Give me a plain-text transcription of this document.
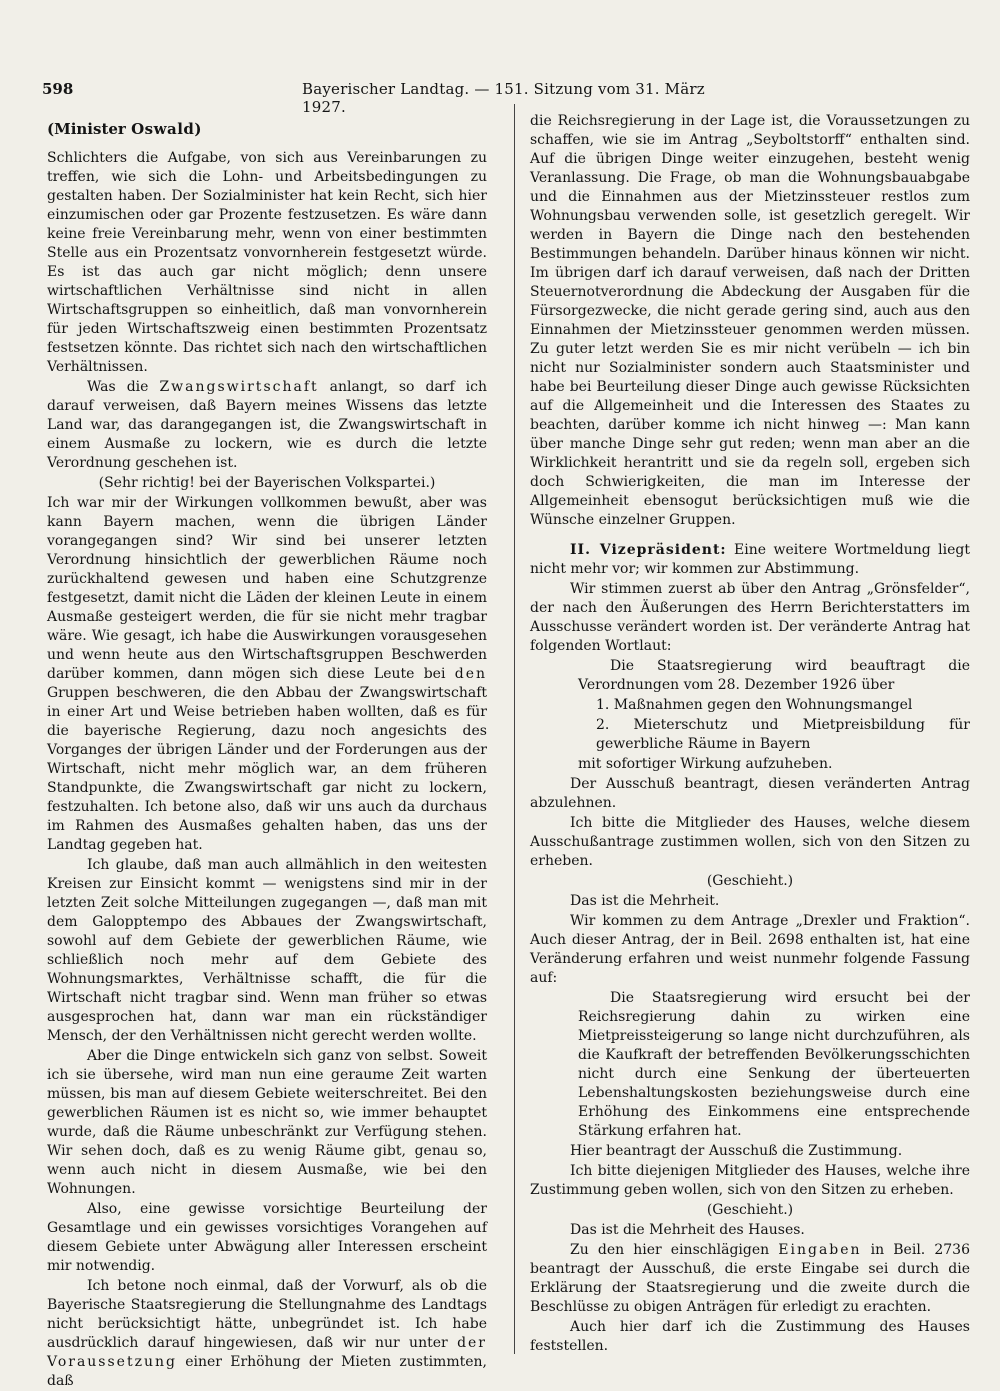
598	Bayerischer Landtag. — 151. Sitzung vom 31. März 1927.
(Minister Oswald)

Schlichters die Aufgabe, von sich aus Vereinbarungen zu treffen, wie sich die Lohn- und Arbeitsbedingungen zu gestalten haben. Der Sozialminister hat kein Recht, sich hier einzumischen oder gar Prozente festzusetzen. Es wäre dann keine freie Vereinbarung mehr, wenn von einer bestimmten Stelle aus ein Prozentsatz vonvornherein festgesetzt würde. Es ist das auch gar nicht möglich; denn unsere wirtschaftlichen Verhältnisse sind nicht in allen Wirtschaftsgruppen so einheitlich, daß man vonvornherein für jeden Wirtschaftszweig einen bestimmten Prozentsatz festsetzen könnte. Das richtet sich nach den wirtschaftlichen Verhältnissen.

Was die Zwangswirtschaft anlangt, so darf ich darauf verweisen, daß Bayern meines Wissens das letzte Land war, das darangegangen ist, die Zwangswirtschaft in einem Ausmaße zu lockern, wie es durch die letzte Verordnung geschehen ist.

(Sehr richtig! bei der Bayerischen Volkspartei.)

Ich war mir der Wirkungen vollkommen bewußt, aber was kann Bayern machen, wenn die übrigen Länder vorangegangen sind? Wir sind bei unserer letzten Verordnung hinsichtlich der gewerblichen Räume noch zurückhaltend gewesen und haben eine Schutzgrenze festgesetzt, damit nicht die Läden der kleinen Leute in einem Ausmaße gesteigert werden, die für sie nicht mehr tragbar wäre. Wie gesagt, ich habe die Auswirkungen vorausgesehen und wenn heute aus den Wirtschaftsgruppen Beschwerden darüber kommen, dann mögen sich diese Leute bei den Gruppen beschweren, die den Abbau der Zwangswirtschaft in einer Art und Weise betrieben haben wollten, daß es für die bayerische Regierung, dazu noch angesichts des Vorganges der übrigen Länder und der Forderungen aus der Wirtschaft, nicht mehr möglich war, an dem früheren Standpunkte, die Zwangswirtschaft gar nicht zu lockern, festzuhalten. Ich betone also, daß wir uns auch da durchaus im Rahmen des Ausmaßes gehalten haben, das uns der Landtag gegeben hat.

Ich glaube, daß man auch allmählich in den weitesten Kreisen zur Einsicht kommt — wenigstens sind mir in der letzten Zeit solche Mitteilungen zugegangen —, daß man mit dem Galopptempo des Abbaues der Zwangswirtschaft, sowohl auf dem Gebiete der gewerblichen Räume, wie schließlich noch mehr auf dem Gebiete des Wohnungsmarktes, Verhältnisse schafft, die für die Wirtschaft nicht tragbar sind. Wenn man früher so etwas ausgesprochen hat, dann war man ein rückständiger Mensch, der den Verhältnissen nicht gerecht werden wollte.

Aber die Dinge entwickeln sich ganz von selbst. Soweit ich sie übersehe, wird man nun eine geraume Zeit warten müssen, bis man auf diesem Gebiete weiterschreitet. Bei den gewerblichen Räumen ist es nicht so, wie immer behauptet wurde, daß die Räume unbeschränkt zur Verfügung stehen. Wir sehen doch, daß es zu wenig Räume gibt, genau so, wenn auch nicht in diesem Ausmaße, wie bei den Wohnungen.

Also, eine gewisse vorsichtige Beurteilung der Gesamtlage und ein gewisses vorsichtiges Vorangehen auf diesem Gebiete unter Abwägung aller Interessen erscheint mir notwendig.

Ich betone noch einmal, daß der Vorwurf, als ob die Bayerische Staatsregierung die Stellungnahme des Landtags nicht berücksichtigt hätte, unbegründet ist. Ich habe ausdrücklich darauf hingewiesen, daß wir nur unter der Voraussetzung einer Erhöhung der Mieten zustimmten, daß

die Reichsregierung in der Lage ist, die Voraussetzungen zu schaffen, wie sie im Antrag „Seyboltstorff“ enthalten sind. Auf die übrigen Dinge weiter einzugehen, besteht wenig Veranlassung. Die Frage, ob man die Wohnungsbauabgabe und die Einnahmen aus der Mietzinssteuer restlos zum Wohnungsbau verwenden solle, ist gesetzlich geregelt. Wir werden in Bayern die Dinge nach den bestehenden Bestimmungen behandeln. Darüber hinaus können wir nicht. Im übrigen darf ich darauf verweisen, daß nach der Dritten Steuernotverordnung die Abdeckung der Ausgaben für die Fürsorgezwecke, die nicht gerade gering sind, auch aus den Einnahmen der Mietzinssteuer genommen werden müssen. Zu guter letzt werden Sie es mir nicht verübeln — ich bin nicht nur Sozialminister sondern auch Staatsminister und habe bei Beurteilung dieser Dinge auch gewisse Rücksichten auf die Allgemeinheit und die Interessen des Staates zu beachten, darüber komme ich nicht hinweg —: Man kann über manche Dinge sehr gut reden; wenn man aber an die Wirklichkeit herantritt und sie da regeln soll, ergeben sich doch Schwierigkeiten, die man im Interesse der Allgemeinheit ebensogut berücksichtigen muß wie die Wünsche einzelner Gruppen.

II. Vizepräsident: Eine weitere Wortmeldung liegt nicht mehr vor; wir kommen zur Abstimmung.

Wir stimmen zuerst ab über den Antrag „Grönsfelder“, der nach den Äußerungen des Herrn Berichterstatters im Ausschusse verändert worden ist. Der veränderte Antrag hat folgenden Wortlaut:

Die Staatsregierung wird beauftragt die Verordnungen vom 28. Dezember 1926 über

1. Maßnahmen gegen den Wohnungsmangel

2. Mieterschutz und Mietpreisbildung für gewerbliche Räume in Bayern

mit sofortiger Wirkung aufzuheben.

Der Ausschuß beantragt, diesen veränderten Antrag abzulehnen.

Ich bitte die Mitglieder des Hauses, welche diesem Ausschußantrage zustimmen wollen, sich von den Sitzen zu erheben.

(Geschieht.)

Das ist die Mehrheit.

Wir kommen zu dem Antrage „Drexler und Fraktion“. Auch dieser Antrag, der in Beil. 2698 enthalten ist, hat eine Veränderung erfahren und weist nunmehr folgende Fassung auf:

Die Staatsregierung wird ersucht bei der Reichsregierung dahin zu wirken eine Mietpreissteigerung so lange nicht durchzuführen, als die Kaufkraft der betreffenden Bevölkerungsschichten nicht durch eine Senkung der überteuerten Lebenshaltungskosten beziehungsweise durch eine Erhöhung des Einkommens eine entsprechende Stärkung erfahren hat.

Hier beantragt der Ausschuß die Zustimmung.

Ich bitte diejenigen Mitglieder des Hauses, welche ihre Zustimmung geben wollen, sich von den Sitzen zu erheben.

(Geschieht.)

Das ist die Mehrheit des Hauses.

Zu den hier einschlägigen Eingaben in Beil. 2736 beantragt der Ausschuß, die erste Eingabe sei durch die Erklärung der Staatsregierung und die zweite durch die Beschlüsse zu obigen Anträgen für erledigt zu erachten.

Auch hier darf ich die Zustimmung des Hauses feststellen.
